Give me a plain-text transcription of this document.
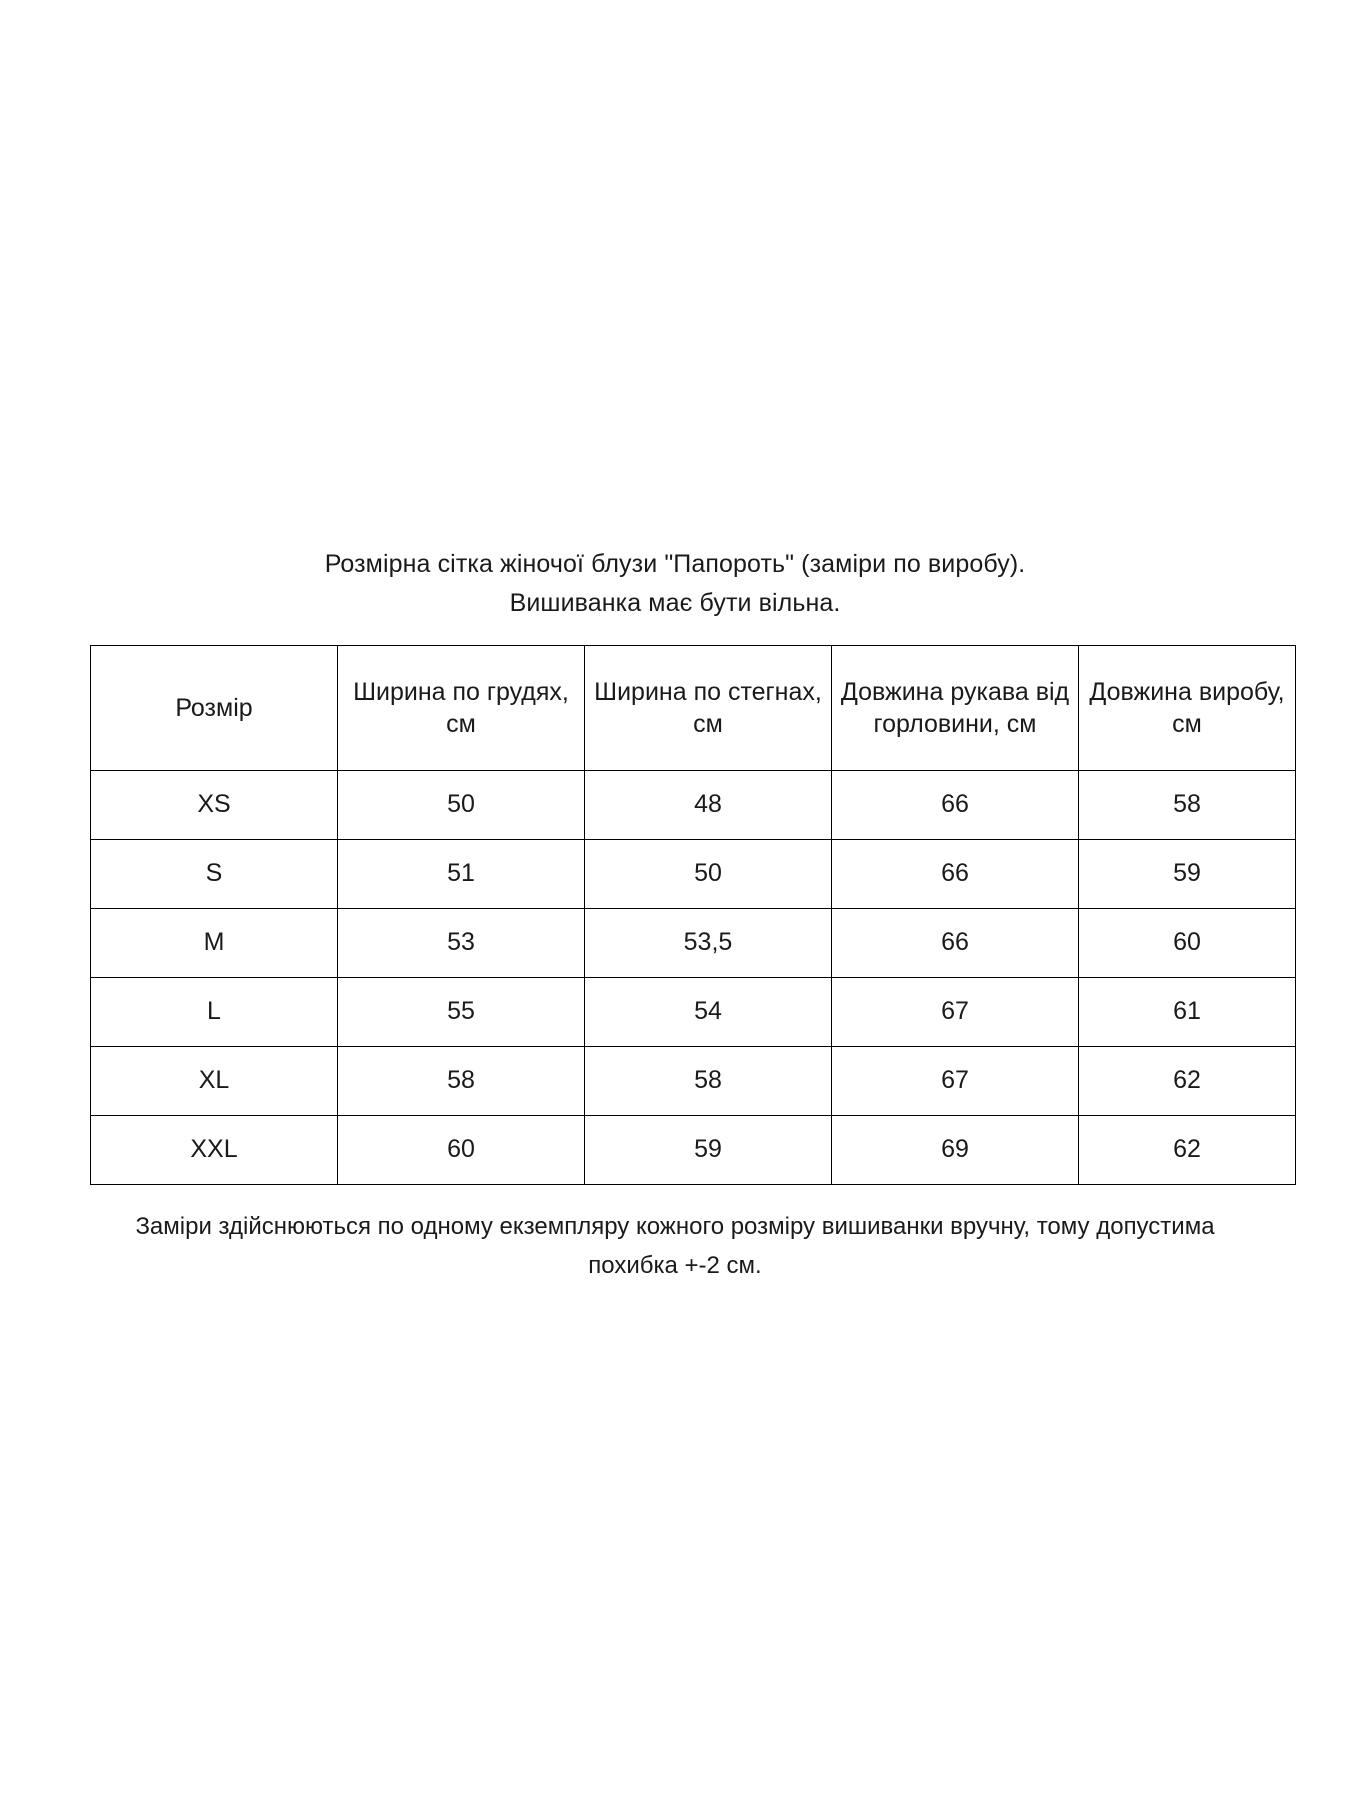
Розмірна сітка жіночої блузи "Папороть" (заміри по виробу).
Вишиванка має бути вільна.
Розмір	Ширина по грудях, см	Ширина по стегнах, см	Довжина рукава від горловини, см	Довжина виробу, см
XS	50	48	66	58
S	51	50	66	59
M	53	53,5	66	60
L	55	54	67	61
XL	58	58	67	62
XXL	60	59	69	62
Заміри здійснюються по одному екземпляру кожного розміру вишиванки вручну, тому допустима похибка +-2 см.
